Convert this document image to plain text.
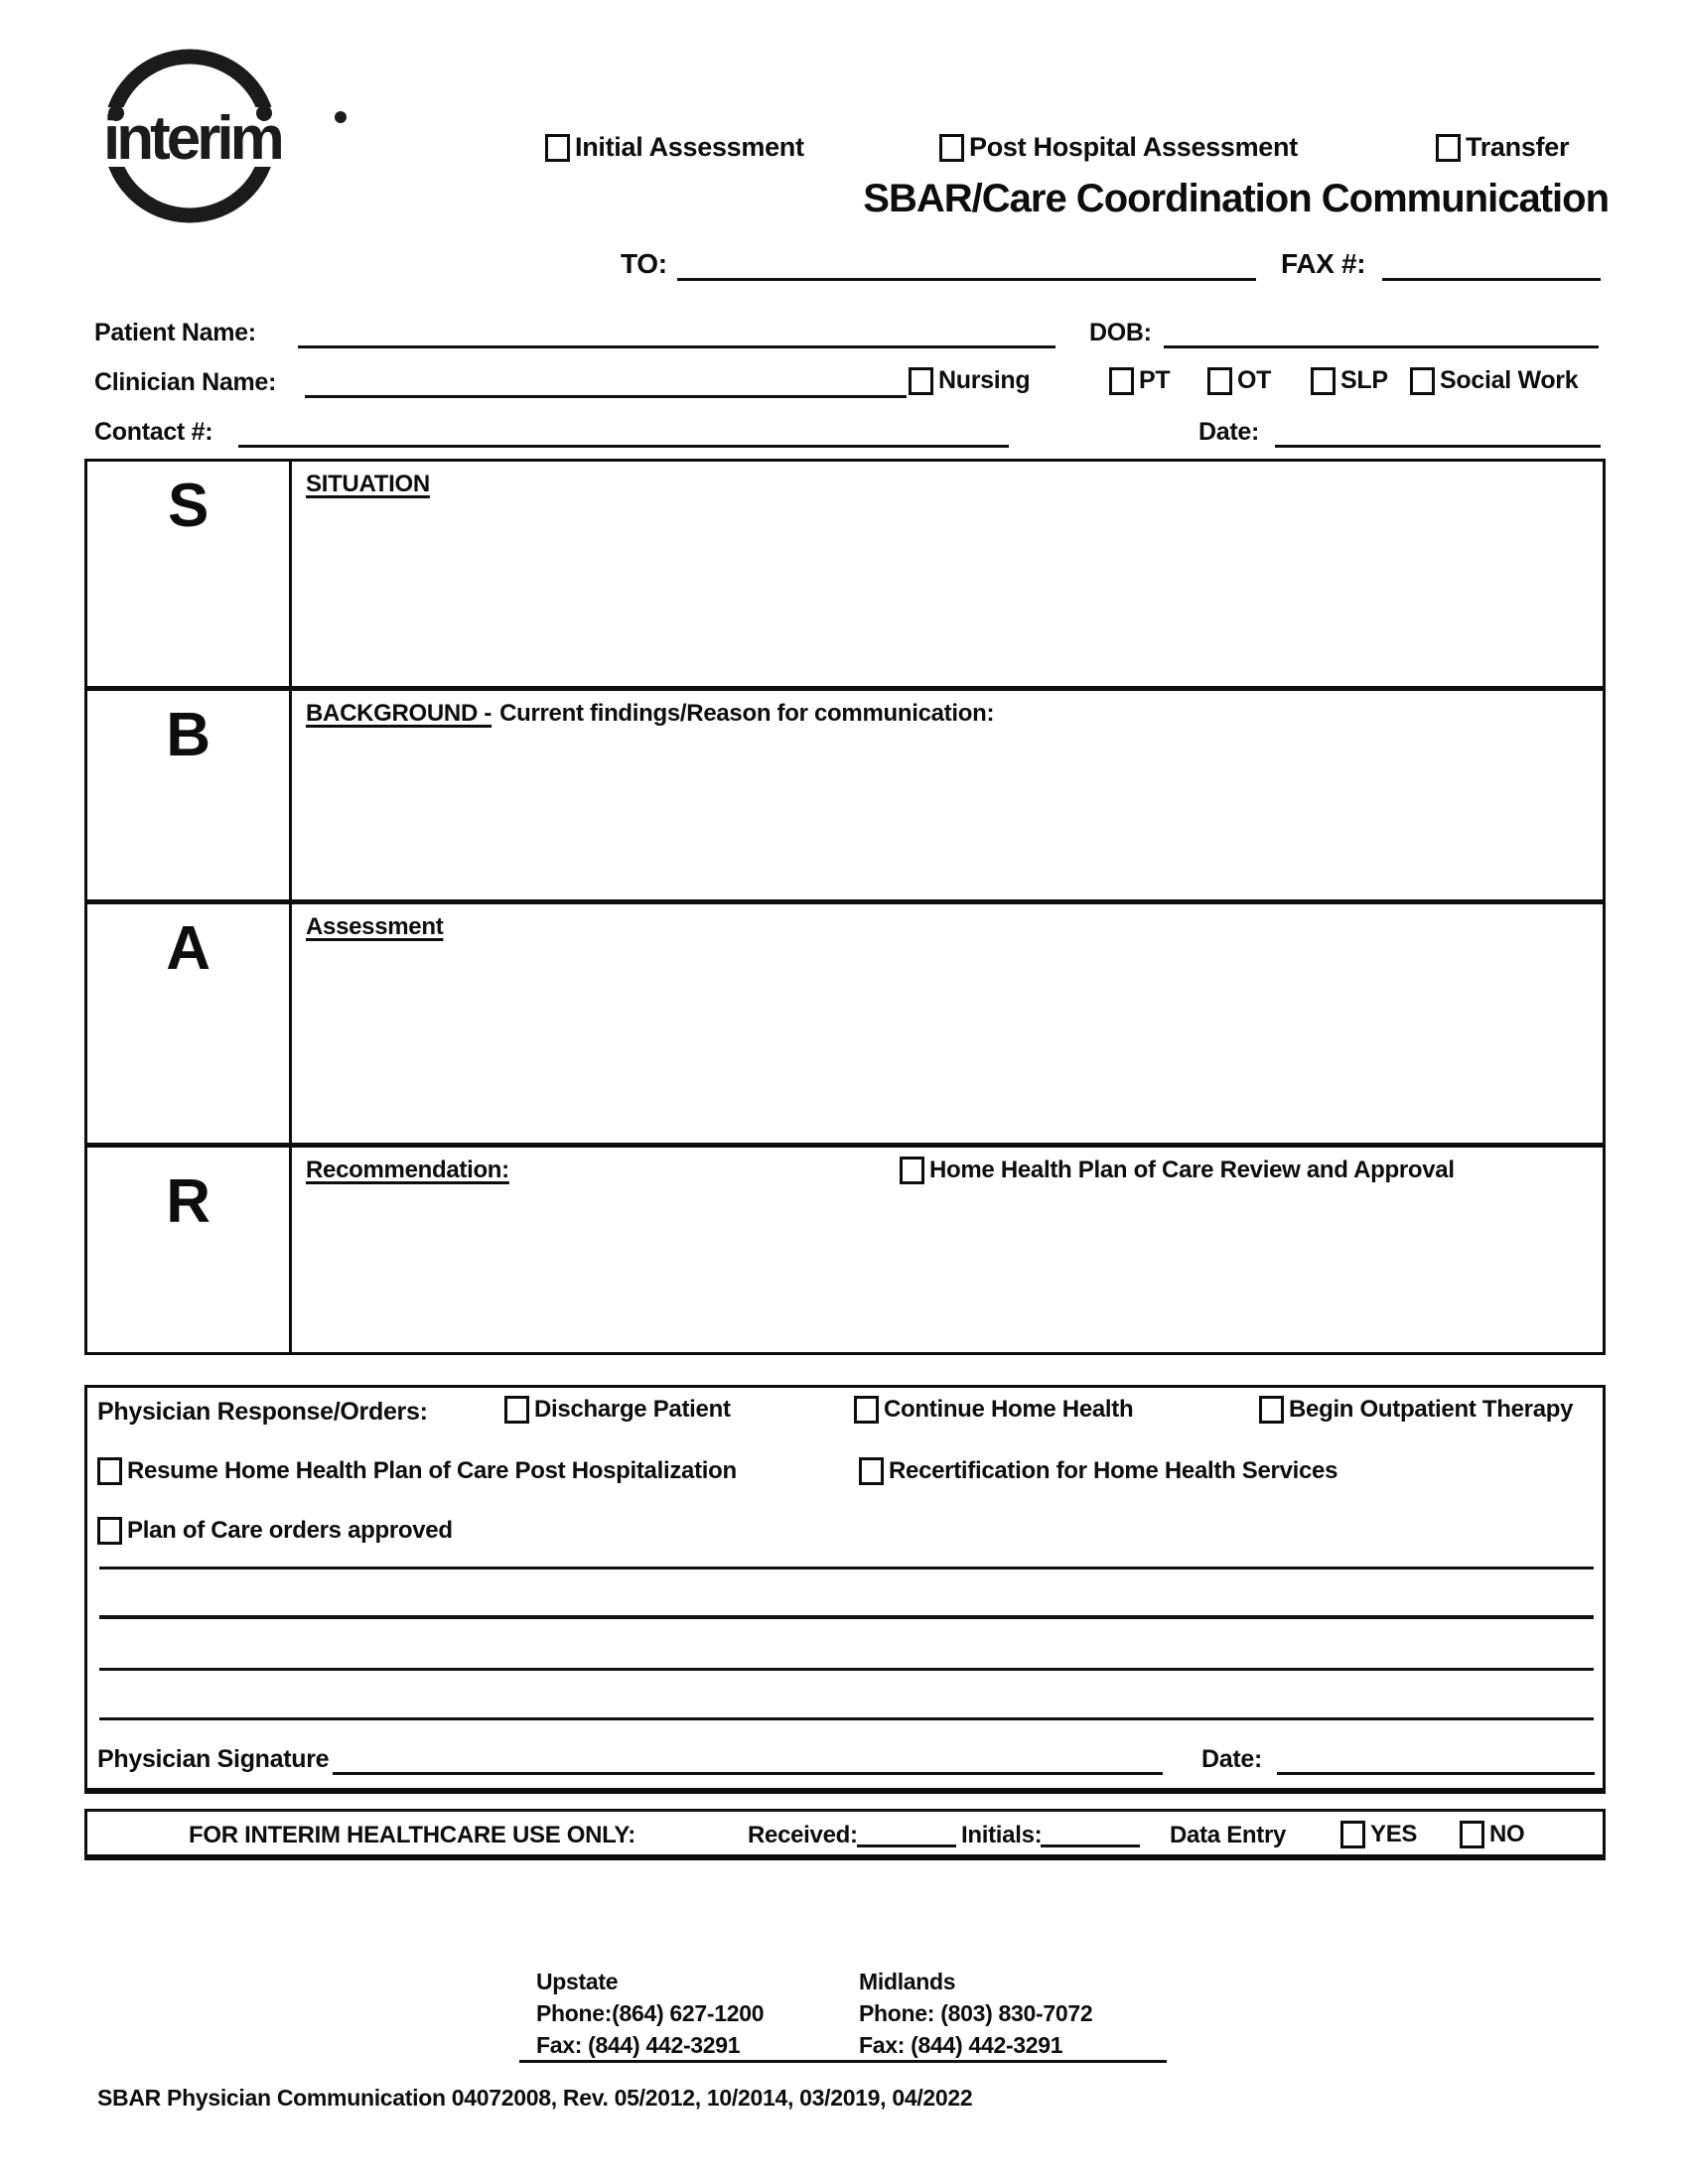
interim	Initial Assessment	Post Hospital Assessment	Transfer
SBAR/Care Coordination Communication
TO:	FAX #:
Patient Name:	DOB:
Clinician Name:	Nursing	PT	OT	SLP Social Work
Contact #:	Date:
S	SITUATION
B	BACKGROUND - Current findings/Reason for communication:
A	Assessment
R	Recommendation:	Home Health Plan of Care Review and Approval
Physician Response/Orders:	Discharge Patient	Continue Home Health	Begin Outpatient Therapy
Resume Home Health Plan of Care Post Hospitalization	Recertification for Home Health Services
Plan of Care orders approved
Physician Signature	Date:
FOR INTERIM HEALTHCARE USE ONLY:	Received:	Initials:	Data Entry	YES	NO
Upstate
Phone:(864) 627-1200
Fax: (844) 442-3291
Midlands
Phone: (803) 830-7072
Fax: (844) 442-3291
SBAR Physician Communication 04072008, Rev. 05/2012, 10/2014, 03/2019, 04/2022
